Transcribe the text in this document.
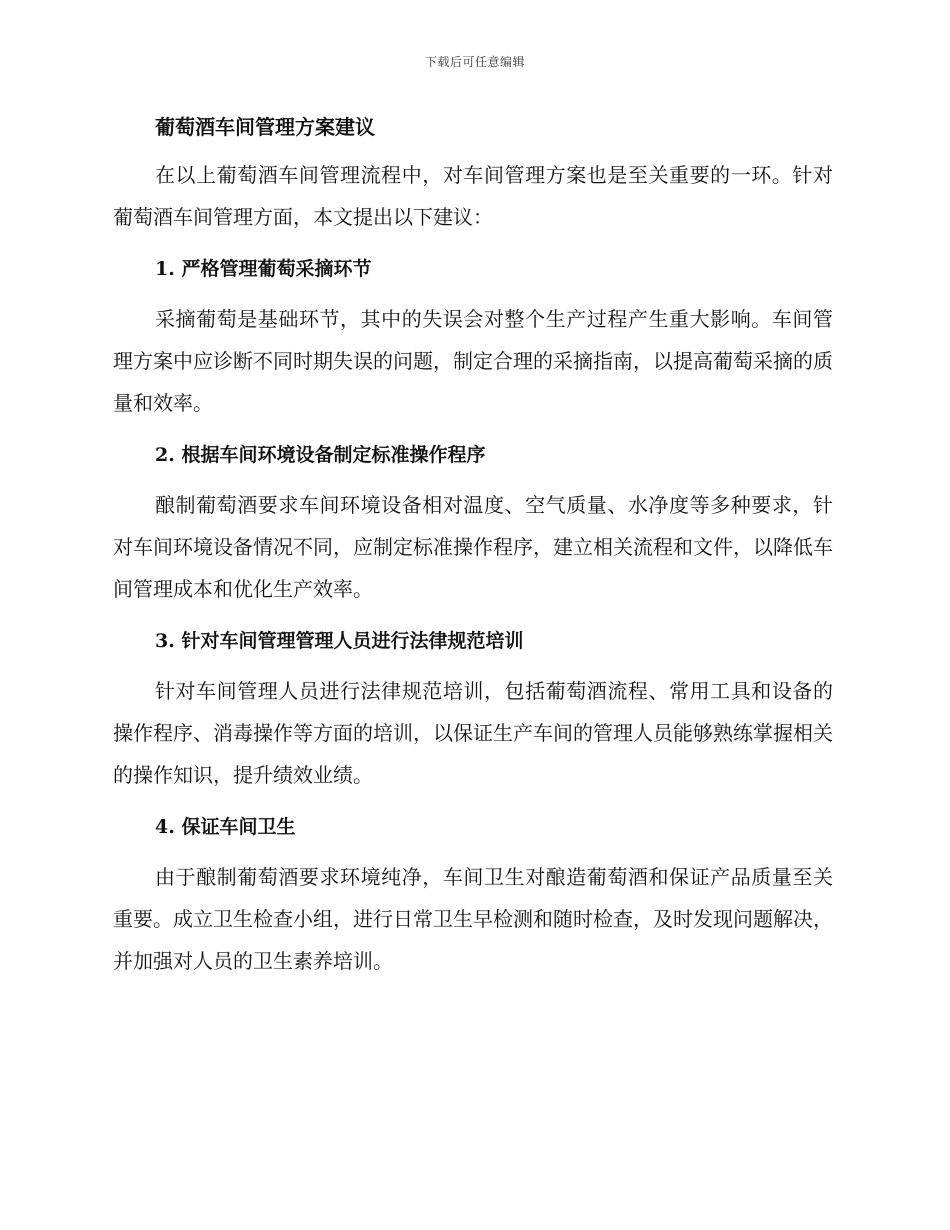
下载后可任意编辑
葡萄酒车间管理方案建议

在以上葡萄酒车间管理流程中，对车间管理方案也是至关重要的一环。针对葡萄酒车间管理方面，本文提出以下建议：

1. 严格管理葡萄采摘环节

采摘葡萄是基础环节，其中的失误会对整个生产过程产生重大影响。车间管理方案中应诊断不同时期失误的问题，制定合理的采摘指南，以提高葡萄采摘的质量和效率。

2. 根据车间环境设备制定标准操作程序

酿制葡萄酒要求车间环境设备相对温度、空气质量、水净度等多种要求，针对车间环境设备情况不同，应制定标准操作程序，建立相关流程和文件，以降低车间管理成本和优化生产效率。

3. 针对车间管理管理人员进行法律规范培训

针对车间管理人员进行法律规范培训，包括葡萄酒流程、常用工具和设备的操作程序、消毒操作等方面的培训，以保证生产车间的管理人员能够熟练掌握相关的操作知识，提升绩效业绩。

4. 保证车间卫生

由于酿制葡萄酒要求环境纯净，车间卫生对酿造葡萄酒和保证产品质量至关重要。成立卫生检查小组，进行日常卫生早检测和随时检查，及时发现问题解决，并加强对人员的卫生素养培训。
